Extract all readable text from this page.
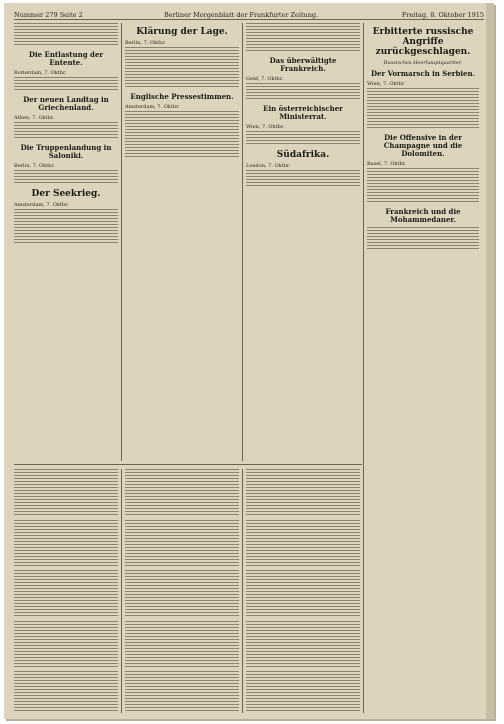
Nummer 279 Seite 2	Berliner Morgenblatt der Frankfurter Zeitung.	Freitag, 8. Oktober 1915
Die Entlastung der Entente.
Rotterdam, 7. Oktbr.
Der neuen Landtag in Griechenland.
Athen, 7. Oktbr.
Die Truppenlandung in Saloniki.
Berlin, 7. Oktbr.
Der Seekrieg.
Amsterdam, 7. Oktbr.
Klärung der Lage.
Berlin, 7. Oktbr.
Englische Pressestimmen.
Amsterdam, 7. Oktbr.
Das überwältigte Frankreich.
Genf, 7. Oktbr.
Ein österreichischer Ministerrat.
Wien, 7. Oktbr.
Südafrika.
London, 7. Oktbr.
Erbitterte russische Angriffe zurückgeschlagen.
Russisches Heerhauptquartier.
Der Vormarsch in Serbien.
Wien, 7. Oktbr.
Die Offensive in der Champagne und die Dolomiten.
Basel, 7. Oktbr.
Frankreich und die Mohammedaner.
